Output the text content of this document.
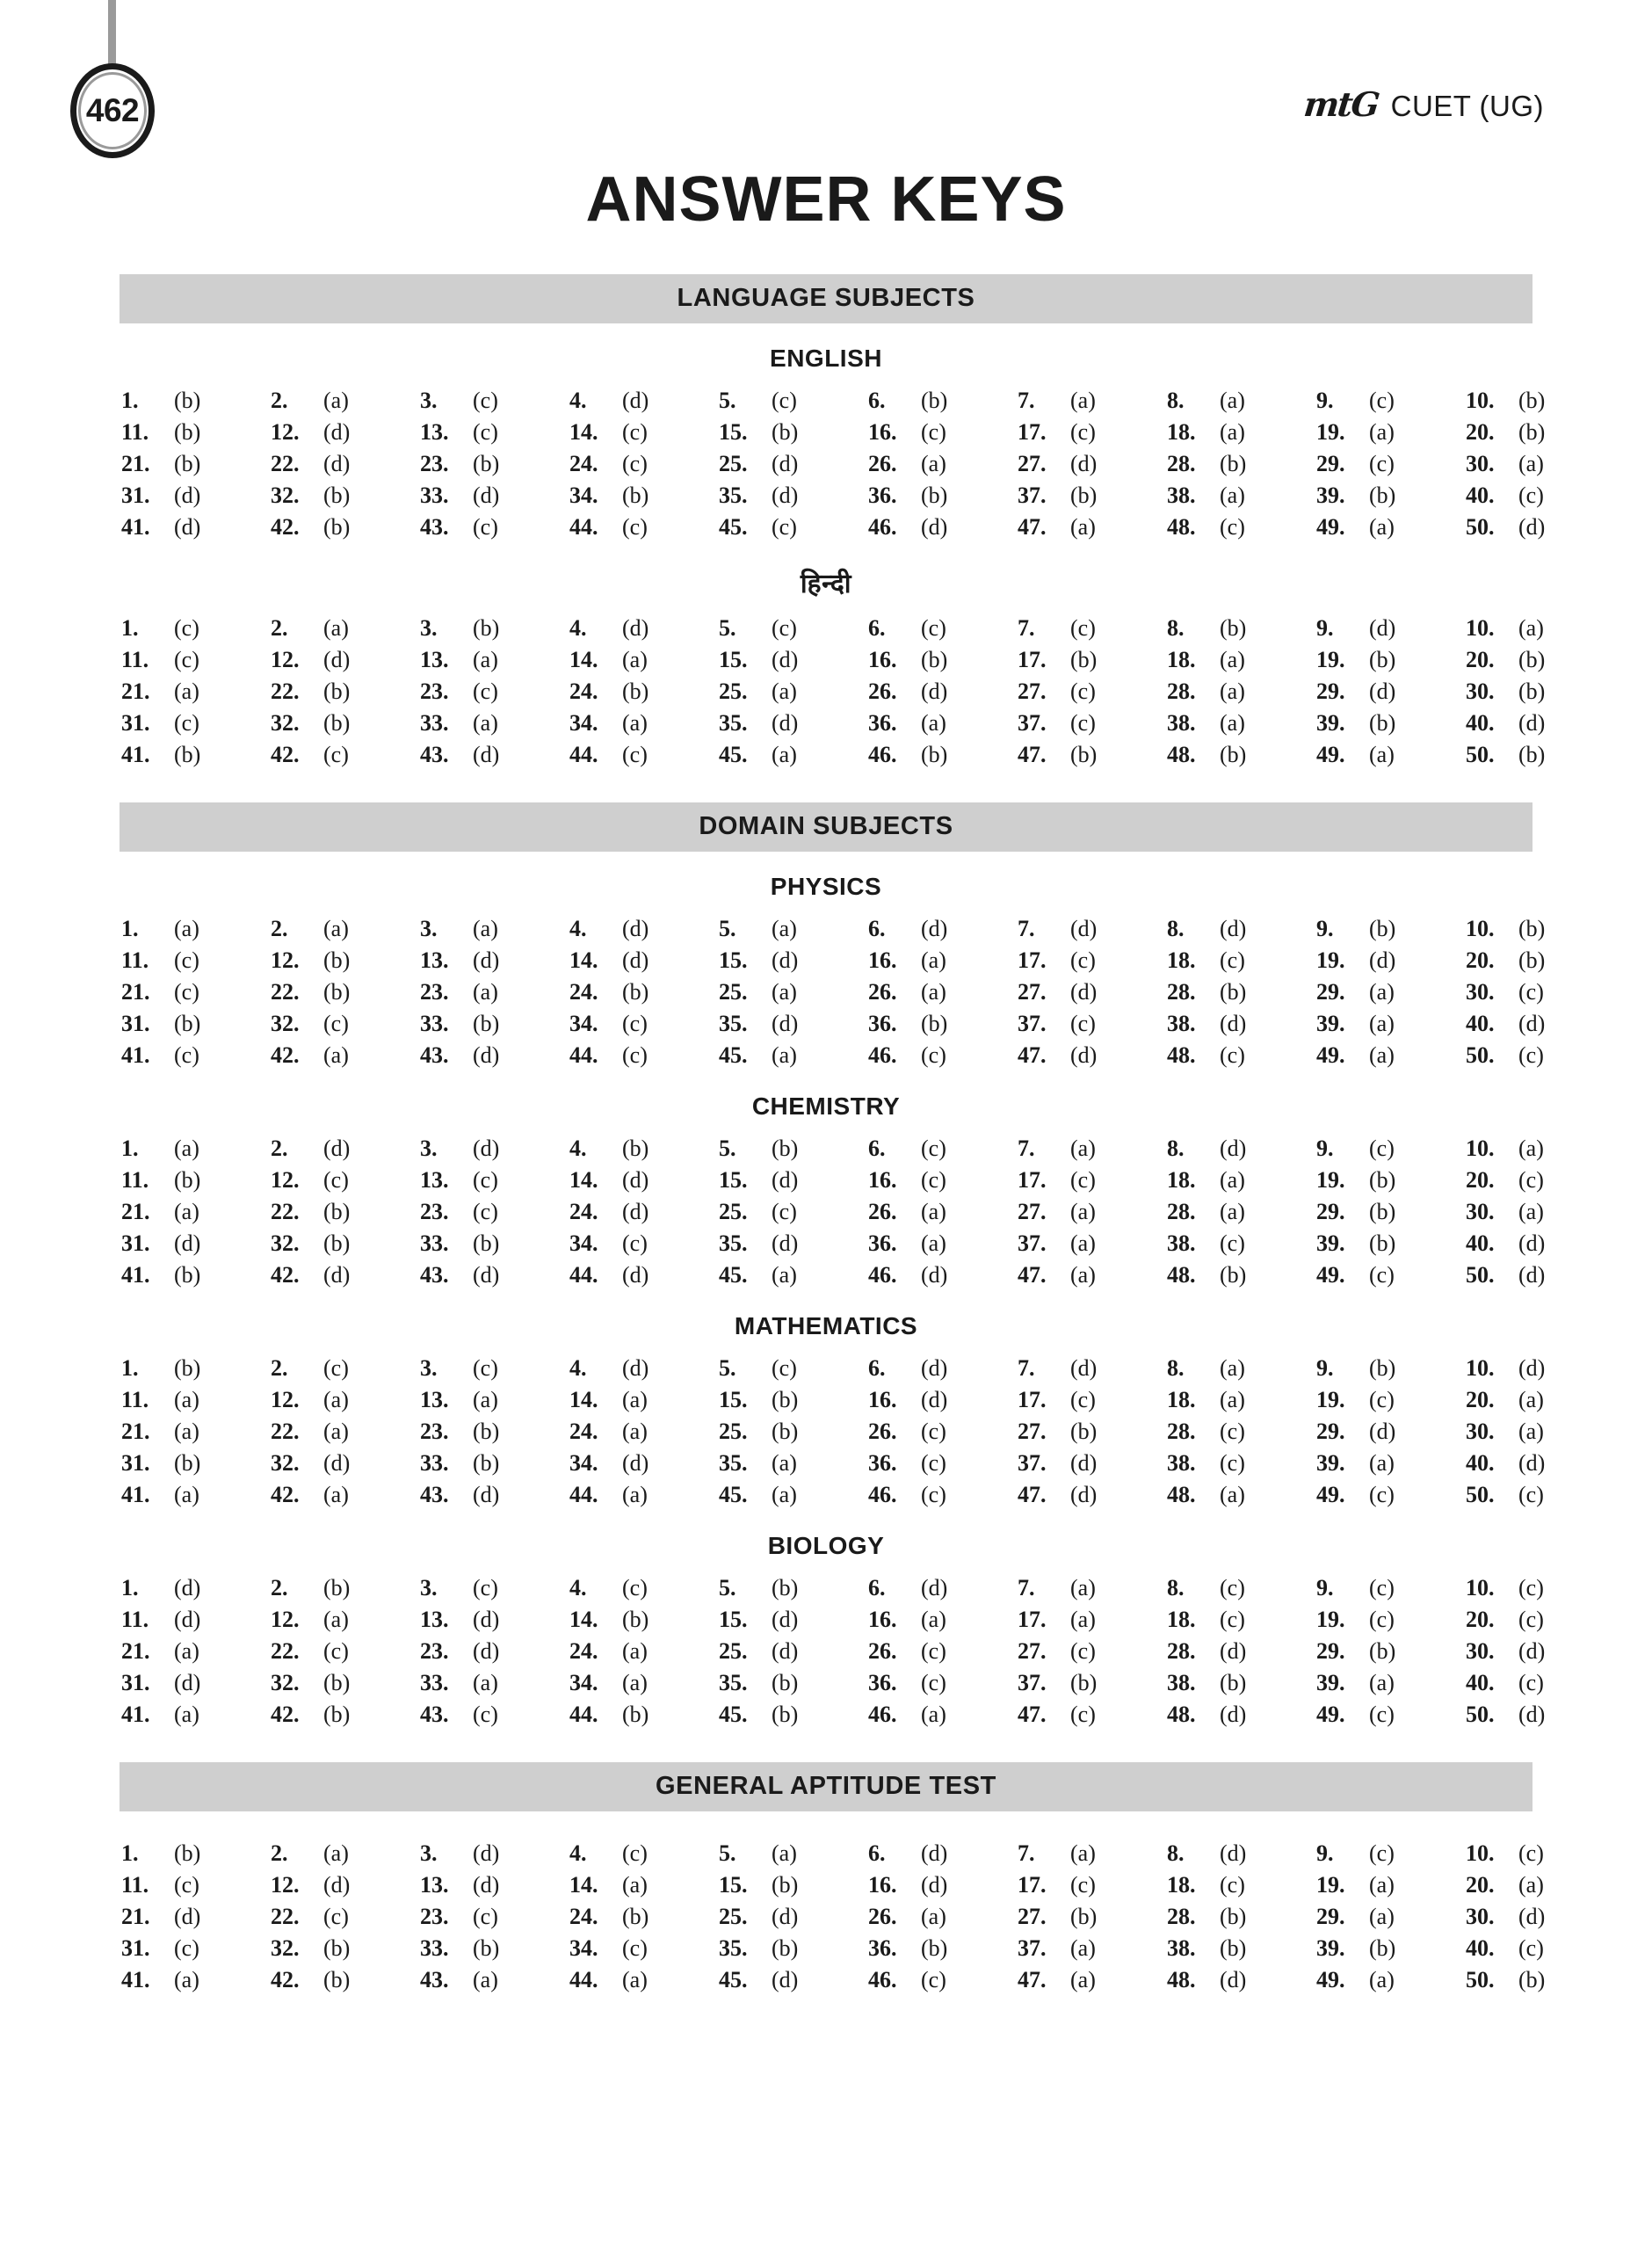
462	mtG CUET (UG)
ANSWER KEYS
LANGUAGE SUBJECTS
ENGLISH
1.	(b)	2.	(a)	3.	(c)	4.	(d)	5.	(c)	6.	(b)	7.	(a)	8.	(a)	9.	(c)	10.	(b)
11.	(b)	12.	(d)	13.	(c)	14.	(c)	15.	(b)	16.	(c)	17.	(c)	18.	(a)	19.	(a)	20.	(b)
21.	(b)	22.	(d)	23.	(b)	24.	(c)	25.	(d)	26.	(a)	27.	(d)	28.	(b)	29.	(c)	30.	(a)
31.	(d)	32.	(b)	33.	(d)	34.	(b)	35.	(d)	36.	(b)	37.	(b)	38.	(a)	39.	(b)	40.	(c)
41.	(d)	42.	(b)	43.	(c)	44.	(c)	45.	(c)	46.	(d)	47.	(a)	48.	(c)	49.	(a)	50.	(d)
हिन्दी
1.	(c)	2.	(a)	3.	(b)	4.	(d)	5.	(c)	6.	(c)	7.	(c)	8.	(b)	9.	(d)	10.	(a)
11.	(c)	12.	(d)	13.	(a)	14.	(a)	15.	(d)	16.	(b)	17.	(b)	18.	(a)	19.	(b)	20.	(b)
21.	(a)	22.	(b)	23.	(c)	24.	(b)	25.	(a)	26.	(d)	27.	(c)	28.	(a)	29.	(d)	30.	(b)
31.	(c)	32.	(b)	33.	(a)	34.	(a)	35.	(d)	36.	(a)	37.	(c)	38.	(a)	39.	(b)	40.	(d)
41.	(b)	42.	(c)	43.	(d)	44.	(c)	45.	(a)	46.	(b)	47.	(b)	48.	(b)	49.	(a)	50.	(b)
DOMAIN SUBJECTS
PHYSICS
1.	(a)	2.	(a)	3.	(a)	4.	(d)	5.	(a)	6.	(d)	7.	(d)	8.	(d)	9.	(b)	10.	(b)
11.	(c)	12.	(b)	13.	(d)	14.	(d)	15.	(d)	16.	(a)	17.	(c)	18.	(c)	19.	(d)	20.	(b)
21.	(c)	22.	(b)	23.	(a)	24.	(b)	25.	(a)	26.	(a)	27.	(d)	28.	(b)	29.	(a)	30.	(c)
31.	(b)	32.	(c)	33.	(b)	34.	(c)	35.	(d)	36.	(b)	37.	(c)	38.	(d)	39.	(a)	40.	(d)
41.	(c)	42.	(a)	43.	(d)	44.	(c)	45.	(a)	46.	(c)	47.	(d)	48.	(c)	49.	(a)	50.	(c)
CHEMISTRY
1.	(a)	2.	(d)	3.	(d)	4.	(b)	5.	(b)	6.	(c)	7.	(a)	8.	(d)	9.	(c)	10.	(a)
11.	(b)	12.	(c)	13.	(c)	14.	(d)	15.	(d)	16.	(c)	17.	(c)	18.	(a)	19.	(b)	20.	(c)
21.	(a)	22.	(b)	23.	(c)	24.	(d)	25.	(c)	26.	(a)	27.	(a)	28.	(a)	29.	(b)	30.	(a)
31.	(d)	32.	(b)	33.	(b)	34.	(c)	35.	(d)	36.	(a)	37.	(a)	38.	(c)	39.	(b)	40.	(d)
41.	(b)	42.	(d)	43.	(d)	44.	(d)	45.	(a)	46.	(d)	47.	(a)	48.	(b)	49.	(c)	50.	(d)
MATHEMATICS
1.	(b)	2.	(c)	3.	(c)	4.	(d)	5.	(c)	6.	(d)	7.	(d)	8.	(a)	9.	(b)	10.	(d)
11.	(a)	12.	(a)	13.	(a)	14.	(a)	15.	(b)	16.	(d)	17.	(c)	18.	(a)	19.	(c)	20.	(a)
21.	(a)	22.	(a)	23.	(b)	24.	(a)	25.	(b)	26.	(c)	27.	(b)	28.	(c)	29.	(d)	30.	(a)
31.	(b)	32.	(d)	33.	(b)	34.	(d)	35.	(a)	36.	(c)	37.	(d)	38.	(c)	39.	(a)	40.	(d)
41.	(a)	42.	(a)	43.	(d)	44.	(a)	45.	(a)	46.	(c)	47.	(d)	48.	(a)	49.	(c)	50.	(c)
BIOLOGY
1.	(d)	2.	(b)	3.	(c)	4.	(c)	5.	(b)	6.	(d)	7.	(a)	8.	(c)	9.	(c)	10.	(c)
11.	(d)	12.	(a)	13.	(d)	14.	(b)	15.	(d)	16.	(a)	17.	(a)	18.	(c)	19.	(c)	20.	(c)
21.	(a)	22.	(c)	23.	(d)	24.	(a)	25.	(d)	26.	(c)	27.	(c)	28.	(d)	29.	(b)	30.	(d)
31.	(d)	32.	(b)	33.	(a)	34.	(a)	35.	(b)	36.	(c)	37.	(b)	38.	(b)	39.	(a)	40.	(c)
41.	(a)	42.	(b)	43.	(c)	44.	(b)	45.	(b)	46.	(a)	47.	(c)	48.	(d)	49.	(c)	50.	(d)
GENERAL APTITUDE TEST
1.	(b)	2.	(a)	3.	(d)	4.	(c)	5.	(a)	6.	(d)	7.	(a)	8.	(d)	9.	(c)	10.	(c)
11.	(c)	12.	(d)	13.	(d)	14.	(a)	15.	(b)	16.	(d)	17.	(c)	18.	(c)	19.	(a)	20.	(a)
21.	(d)	22.	(c)	23.	(c)	24.	(b)	25.	(d)	26.	(a)	27.	(b)	28.	(b)	29.	(a)	30.	(d)
31.	(c)	32.	(b)	33.	(b)	34.	(c)	35.	(b)	36.	(b)	37.	(a)	38.	(b)	39.	(b)	40.	(c)
41.	(a)	42.	(b)	43.	(a)	44.	(a)	45.	(d)	46.	(c)	47.	(a)	48.	(d)	49.	(a)	50.	(b)
